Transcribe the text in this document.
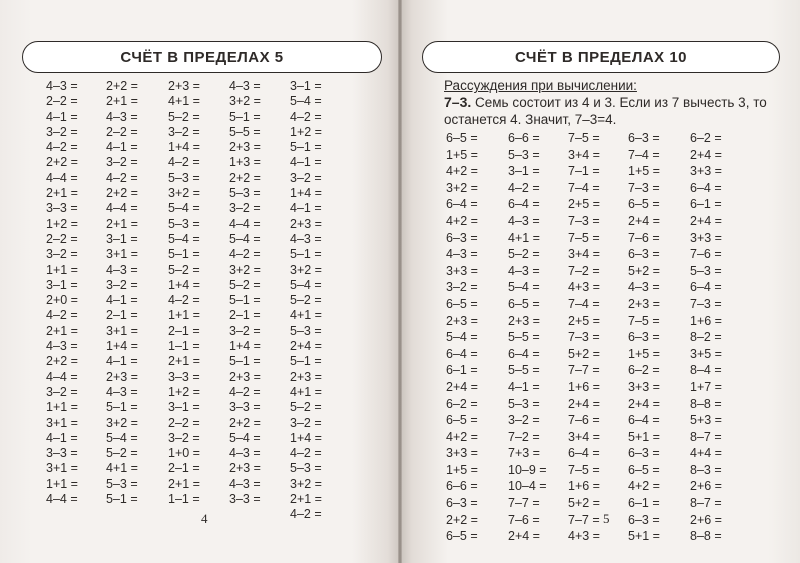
СЧЁТ В ПРЕДЕЛАХ 5
4–3 =
2–2 =
4–1 =
3–2 =
4–2 =
2+2 =
4–4 =
2+1 =
3–3 =
1+2 =
2–2 =
3–2 =
1+1 =
3–1 =
2+0 =
4–2 =
2+1 =
4–3 =
2+2 =
4–4 =
3–2 =
1+1 =
3+1 =
4–1 =
3–3 =
3+1 =
1+1 =
4–4 =
2+2 =
2+1 =
4–3 =
2–2 =
4–1 =
3–2 =
4–2 =
2+2 =
4–4 =
2+1 =
3–1 =
3+1 =
4–3 =
3–2 =
4–1 =
2–1 =
3+1 =
1+4 =
4–1 =
2+3 =
4–3 =
5–1 =
3+2 =
5–4 =
5–2 =
4+1 =
5–3 =
5–1 =
2+3 =
4+1 =
5–2 =
3–2 =
1+4 =
4–2 =
5–3 =
3+2 =
5–4 =
5–3 =
5–4 =
5–1 =
5–2 =
1+4 =
4–2 =
1+1 =
2–1 =
1–1 =
2+1 =
3–3 =
1+2 =
3–1 =
2–2 =
3–2 =
1+0 =
2–1 =
2+1 =
1–1 =
4–3 =
3+2 =
5–1 =
5–5 =
2+3 =
1+3 =
2+2 =
5–3 =
3–2 =
4–4 =
5–4 =
4–2 =
3+2 =
5–2 =
5–1 =
2–1 =
3–2 =
1+4 =
5–1 =
2+3 =
4–2 =
3–3 =
2+2 =
5–4 =
4–3 =
2+3 =
4–3 =
3–3 =
3–1 =
5–4 =
4–2 =
1+2 =
5–1 =
4–1 =
3–2 =
1+4 =
4–1 =
2+3 =
4–3 =
5–1 =
3+2 =
5–4 =
5–2 =
4+1 =
5–3 =
2+4 =
5–1 =
2+3 =
4+1 =
5–2 =
3–2 =
1+4 =
4–2 =
5–3 =
3+2 =
2+1 =
4–2 =
4
СЧЁТ В ПРЕДЕЛАХ 10
Рассуждения при вычислении:
7–3. Семь состоит из 4 и 3. Если из 7 вычесть 3, то останется 4. Значит, 7–3=4.
6–5 =
1+5 =
4+2 =
3+2 =
6–4 =
4+2 =
6–3 =
4–3 =
3+3 =
3–2 =
6–5 =
2+3 =
5–4 =
6–4 =
6–1 =
2+4 =
6–2 =
6–5 =
4+2 =
3+3 =
1+5 =
6–6 =
6–3 =
2+2 =
6–5 =
6–6 =
5–3 =
3–1 =
4–2 =
6–4 =
4–3 =
4+1 =
5–2 =
4–3 =
5–4 =
6–5 =
2+3 =
5–5 =
6–4 =
5–5 =
4–1 =
5–3 =
3–2 =
7–2 =
7+3 =
10–9 =
10–4 =
7–7 =
7–6 =
2+4 =
7–5 =
3+4 =
7–1 =
7–4 =
2+5 =
7–3 =
7–5 =
3+4 =
7–2 =
4+3 =
7–4 =
2+5 =
7–3 =
5+2 =
7–7 =
1+6 =
2+4 =
7–6 =
3+4 =
6–4 =
7–5 =
1+6 =
5+2 =
7–7 =
4+3 =
6–3 =
7–4 =
1+5 =
7–3 =
6–5 =
2+4 =
7–6 =
6–3 =
5+2 =
4–3 =
2+3 =
7–5 =
6–3 =
1+5 =
6–2 =
3+3 =
2+4 =
6–4 =
5+1 =
6–3 =
6–5 =
4+2 =
6–1 =
6–3 =
5+1 =
6–2 =
2+4 =
3+3 =
6–4 =
6–1 =
2+4 =
3+3 =
7–6 =
5–3 =
6–4 =
7–3 =
1+6 =
8–2 =
3+5 =
8–4 =
1+7 =
8–8 =
5+3 =
8–7 =
4+4 =
8–3 =
2+6 =
8–7 =
2+6 =
8–8 =
5
